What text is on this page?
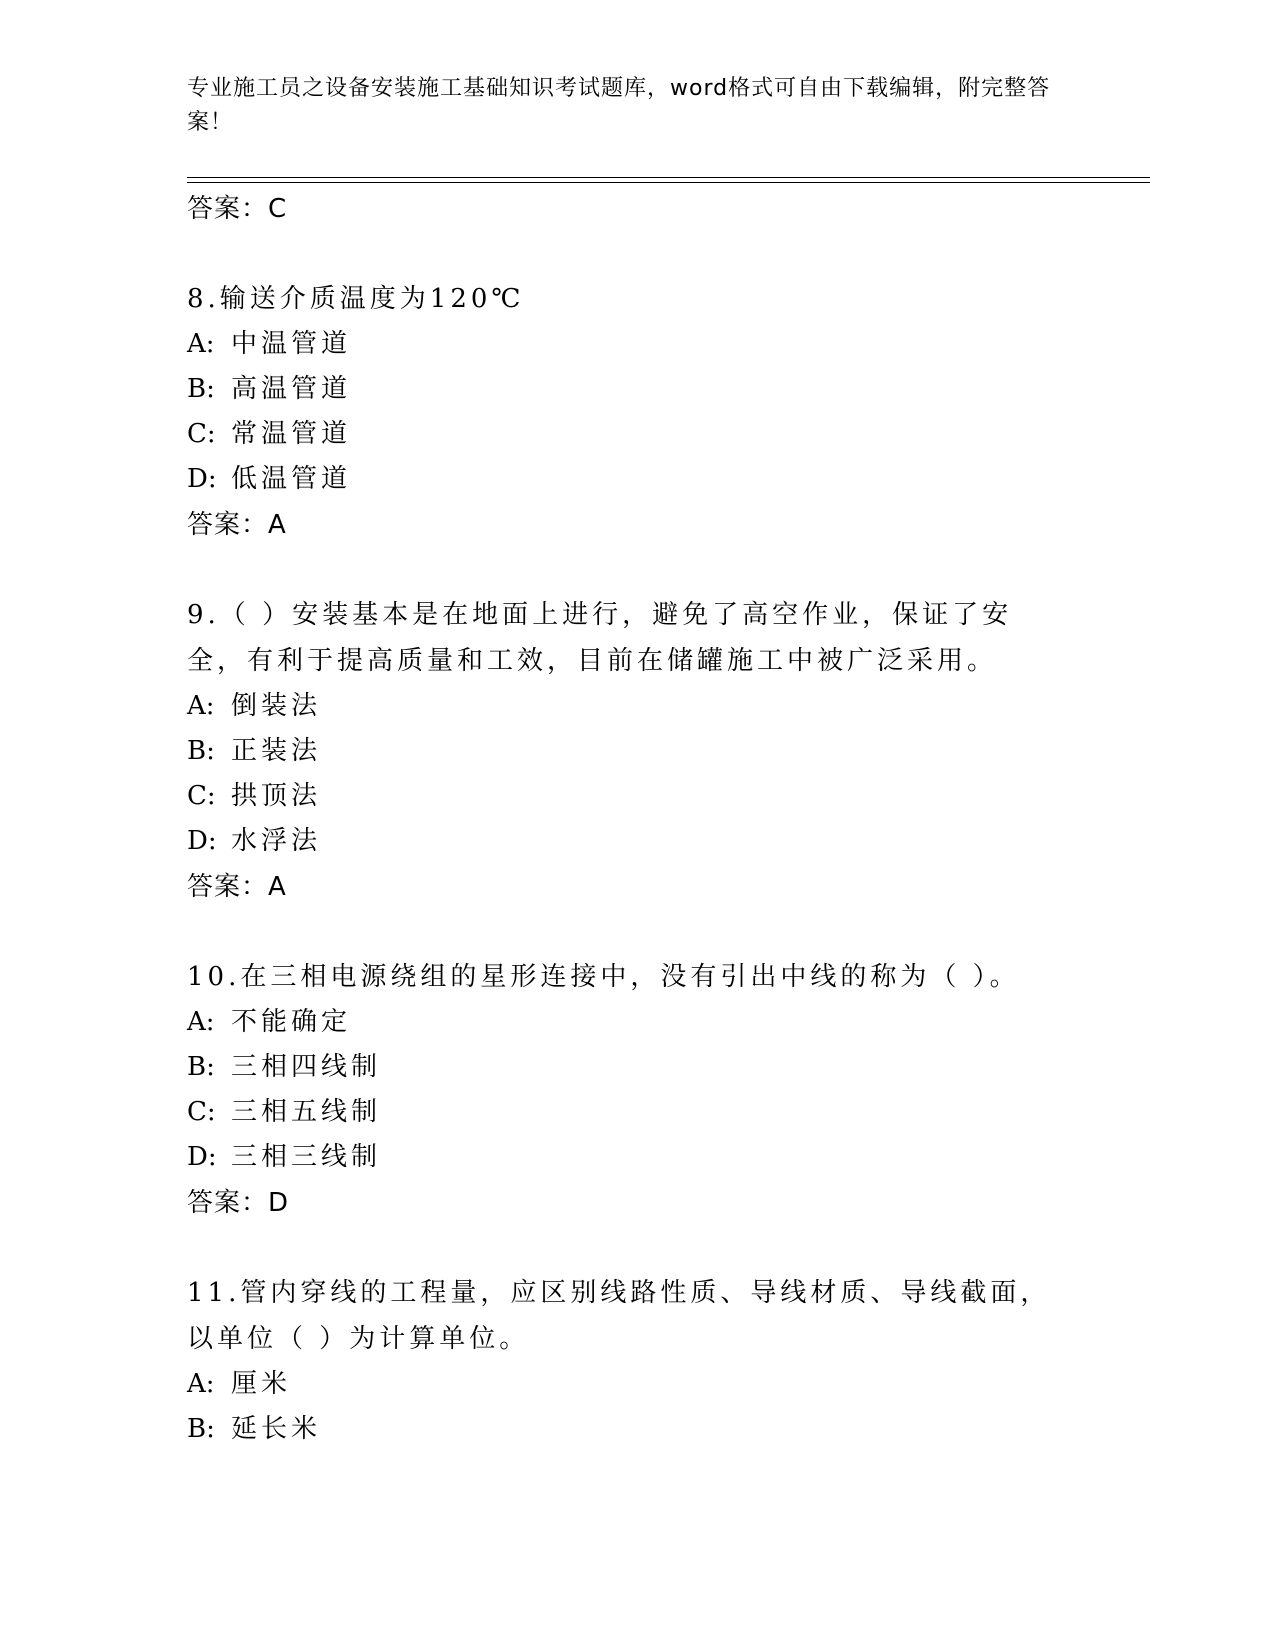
专业施工员之设备安装施工基础知识考试题库，word格式可自由下载编辑，附完整答案！
答案：C
8.输送介质温度为120℃
A: 中温管道
B: 高温管道
C: 常温管道
D: 低温管道
答案：A
9.（ ）安装基本是在地面上进行，避免了高空作业，保证了安全，有利于提高质量和工效，目前在储罐施工中被广泛采用。
A: 倒装法
B: 正装法
C: 拱顶法
D: 水浮法
答案：A
10.在三相电源绕组的星形连接中，没有引出中线的称为（ ）。
A: 不能确定
B: 三相四线制
C: 三相五线制
D: 三相三线制
答案：D
11.管内穿线的工程量，应区别线路性质、导线材质、导线截面，以单位（ ）为计算单位。
A: 厘米
B: 延长米
